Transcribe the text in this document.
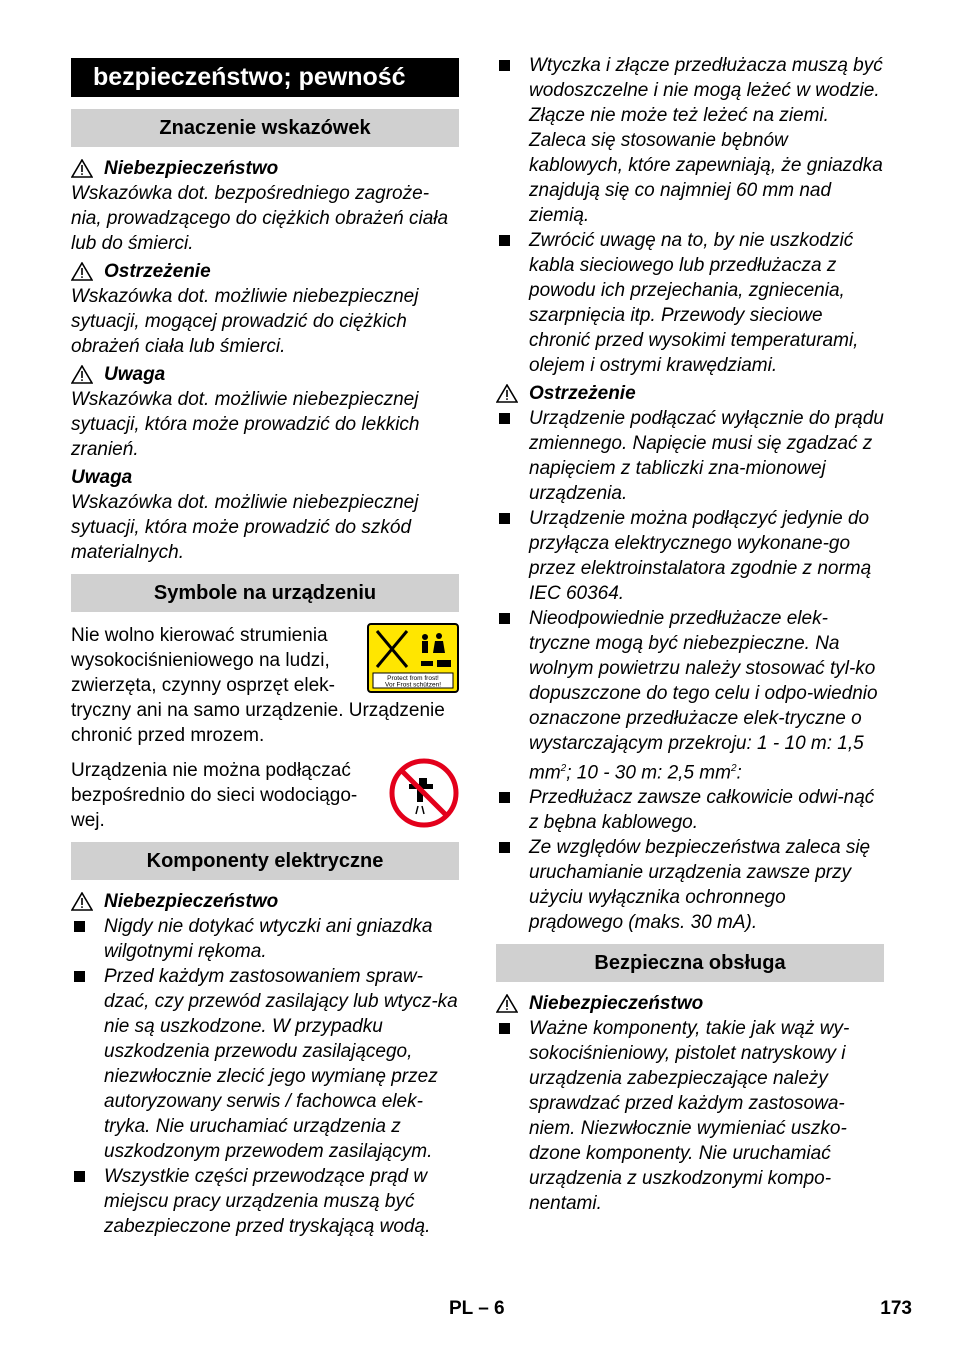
bezpieczeństwo; pewność
Znaczenie wskazówek
Niebezpieczeństwo

Wskazówka dot. bezpośredniego zagroże-nia, prowadzącego do ciężkich obrażeń ciała lub do śmierci.

Ostrzeżenie

Wskazówka dot. możliwie niebezpiecznej sytuacji, mogącej prowadzić do ciężkich obrażeń ciała lub śmierci.

Uwaga

Wskazówka dot. możliwie niebezpiecznej sytuacji, która może prowadzić do lekkich zranień.

Uwaga

Wskazówka dot. możliwie niebezpiecznej sytuacji, która może prowadzić do szkód materialnych.

Symbole na urządzeniu

Nie wolno kierować strumienia wysokociśnieniowego na ludzi, zwierzęta, czynny osprzęt elek-	Protect from frost!
Vor Frost schützen!

tryczny ani na samo urządzenie. Urządzenie chronić przed mrozem.

Urządzenia nie można podłączać bezpośrednio do sieci wodociągo-wej.

Komponenty elektryczne
Niebezpieczeństwo
Nigdy nie dotykać wtyczki ani gniazdka wilgotnymi rękoma.
Przed każdym zastosowaniem spraw-dzać, czy przewód zasilający lub wtycz-ka nie są uszkodzone. W przypadku uszkodzenia przewodu zasilającego, niezwłocznie zlecić jego wymianę przez autoryzowany serwis / fachowca elek-tryka. Nie uruchamiać urządzenia z uszkodzonym przewodem zasilającym.
Wszystkie części przewodzące prąd w miejscu pracy urządzenia muszą być zabezpieczone przed tryskającą wodą.
Wtyczka i złącze przedłużacza muszą być wodoszczelne i nie mogą leżeć w wodzie. Złącze nie może też leżeć na ziemi. Zaleca się stosowanie bębnów kablowych, które zapewniają, że gniazdka znajdują się co najmniej 60 mm nad ziemią.
Zwrócić uwagę na to, by nie uszkodzić kabla sieciowego lub przedłużacza z powodu ich przejechania, zgniecenia, szarpnięcia itp. Przewody sieciowe chronić przed wysokimi temperaturami, olejem i ostrymi krawędziami.
Ostrzeżenie
Urządzenie podłączać wyłącznie do prądu zmiennego. Napięcie musi się zgadzać z napięciem z tabliczki zna-mionowej urządzenia.
Urządzenie można podłączyć jedynie do przyłącza elektrycznego wykonane-go przez elektroinstalatora zgodnie z normą IEC 60364.
Nieodpowiednie przedłużacze elek-tryczne mogą być niebezpieczne. Na wolnym powietrzu należy stosować tyl-ko dopuszczone do tego celu i odpo-wiednio oznaczone przedłużacze elek-tryczne o wystarczającym przekroju: 1 - 10 m: 1,5 $mm^2$; 10 - 30 m: 2,5 $mm^2$:
Przedłużacz zawsze całkowicie odwi-nąć z bębna kablowego.
Ze względów bezpieczeństwa zaleca się uruchamianie urządzenia zawsze przy użyciu wyłącznika ochronnego prądowego (maks. 30 mA).
Bezpieczna obsługa
Niebezpieczeństwo
Ważne komponenty, takie jak wąż wy-sokociśnieniowy, pistolet natryskowy i urządzenia zabezpieczające należy sprawdzać przed każdym zastosowa-niem. Niezwłocznie wymieniać uszko-dzone komponenty. Nie uruchamiać urządzenia z uszkodzonymi kompo-nentami.
PL – 6	173
